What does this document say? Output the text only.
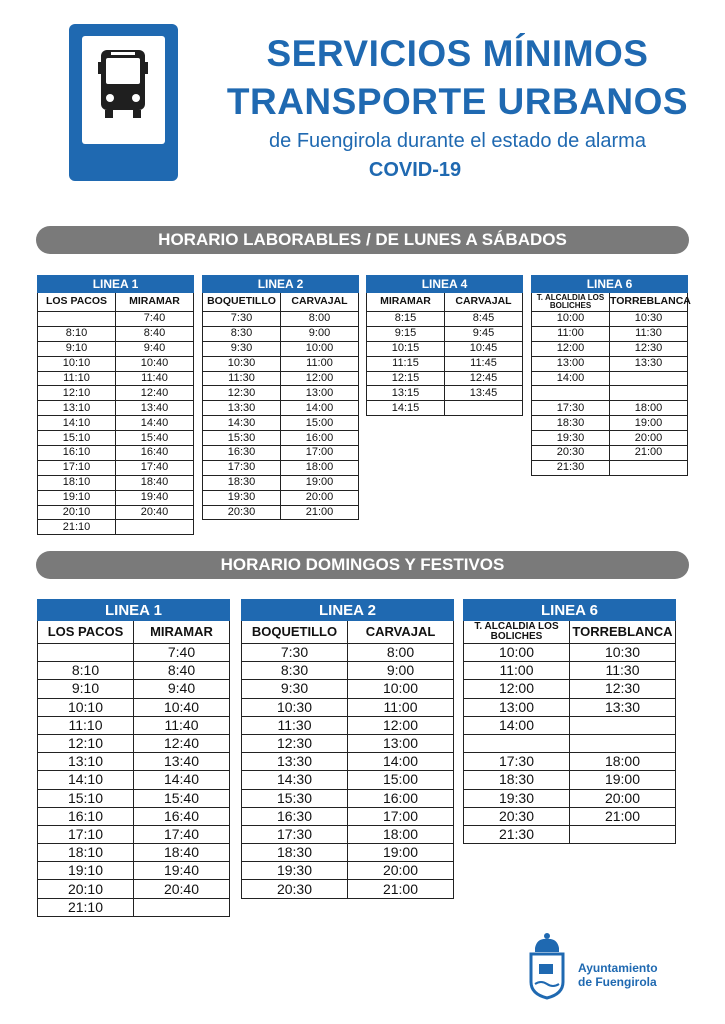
SERVICIOS MÍNIMOS
TRANSPORTE URBANOS
de Fuengirola durante el estado de alarma
COVID-19
HORARIO LABORABLES / DE LUNES A SÁBADOS
LINEA 1	
LOS PACOS	MIRAMAR
	7:40
8:10	8:40
9:10	9:40
10:10	10:40
11:10	11:40
12:10	12:40
13:10	13:40
14:10	14:40
15:10	15:40
16:10	16:40
17:10	17:40
18:10	18:40
19:10	19:40
20:10	20:40
21:10	
LINEA 2	
BOQUETILLO	CARVAJAL
7:30	8:00
8:30	9:00
9:30	10:00
10:30	11:00
11:30	12:00
12:30	13:00
13:30	14:00
14:30	15:00
15:30	16:00
16:30	17:00
17:30	18:00
18:30	19:00
19:30	20:00
20:30	21:00
LINEA 4	
MIRAMAR	CARVAJAL
8:15	8:45
9:15	9:45
10:15	10:45
11:15	11:45
12:15	12:45
13:15	13:45
14:15	
LINEA 6	
T. ALCALDIA LOS BOLICHES	TORREBLANCA
10:00	10:30
11:00	11:30
12:00	12:30
13:00	13:30
14:00	

17:30	18:00
18:30	19:00
19:30	20:00
20:30	21:00
21:30	
HORARIO DOMINGOS Y FESTIVOS
LINEA 1	
LOS PACOS	MIRAMAR
	7:40
8:10	8:40
9:10	9:40
10:10	10:40
11:10	11:40
12:10	12:40
13:10	13:40
14:10	14:40
15:10	15:40
16:10	16:40
17:10	17:40
18:10	18:40
19:10	19:40
20:10	20:40
21:10	
LINEA 2	
BOQUETILLO	CARVAJAL
7:30	8:00
8:30	9:00
9:30	10:00
10:30	11:00
11:30	12:00
12:30	13:00
13:30	14:00
14:30	15:00
15:30	16:00
16:30	17:00
17:30	18:00
18:30	19:00
19:30	20:00
20:30	21:00
LINEA 6	
T. ALCALDIA LOS BOLICHES	TORREBLANCA
10:00	10:30
11:00	11:30
12:00	12:30
13:00	13:30
14:00	

17:30	18:00
18:30	19:00
19:30	20:00
20:30	21:00
21:30	
Ayuntamiento
de Fuengirola
